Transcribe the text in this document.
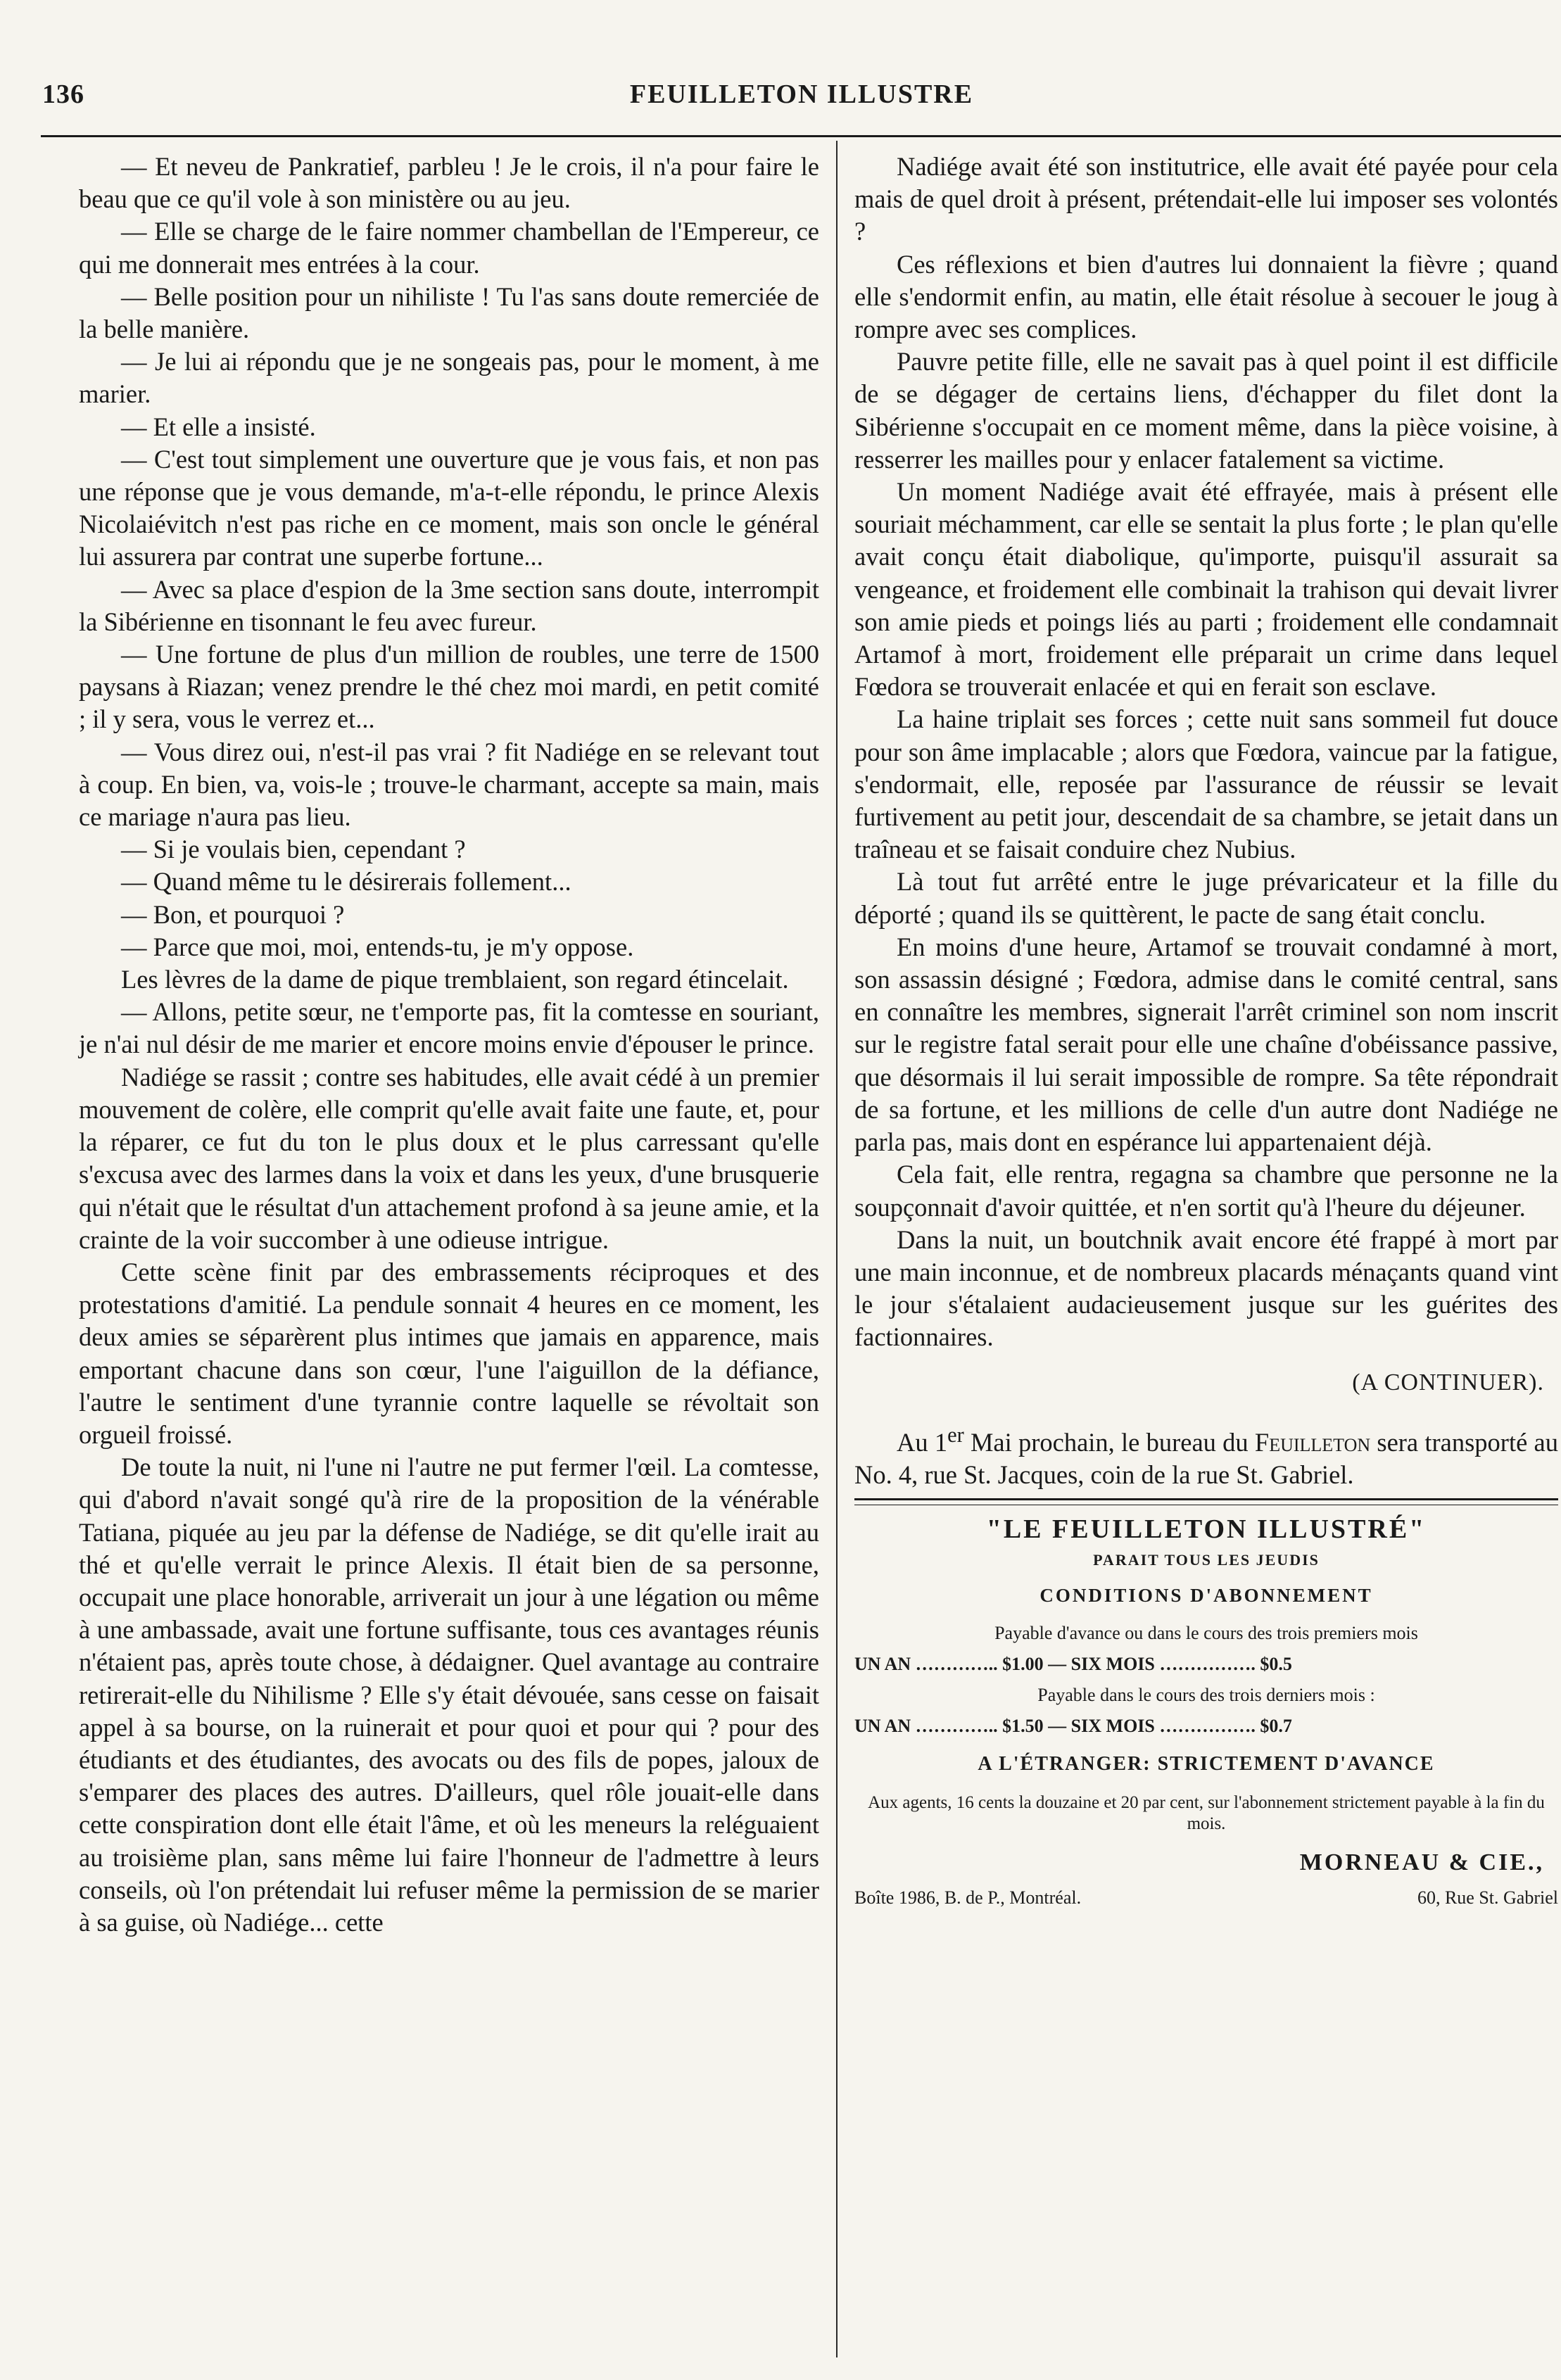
136	FEUILLETON ILLUSTRE

— Et neveu de Pankratief, parbleu ! Je le crois, il n'a pour faire le beau que ce qu'il vole à son ministère ou au jeu.

— Elle se charge de le faire nommer chambellan de l'Empereur, ce qui me donnerait mes entrées à la cour.

— Belle position pour un nihiliste ! Tu l'as sans doute remerciée de la belle manière.

— Je lui ai répondu que je ne songeais pas, pour le moment, à me marier.

— Et elle a insisté.

— C'est tout simplement une ouverture que je vous fais, et non pas une réponse que je vous demande, m'a-t-elle répondu, le prince Alexis Nicolaiévitch n'est pas riche en ce moment, mais son oncle le général lui assurera par contrat une superbe fortune...

— Avec sa place d'espion de la 3me section sans doute, interrompit la Sibérienne en tisonnant le feu avec fureur.

— Une fortune de plus d'un million de roubles, une terre de 1500 paysans à Riazan; venez prendre le thé chez moi mardi, en petit comité ; il y sera, vous le verrez et...

— Vous direz oui, n'est-il pas vrai ? fit Nadiége en se relevant tout à coup. En bien, va, vois-le ; trouve-le charmant, accepte sa main, mais ce mariage n'aura pas lieu.

— Si je voulais bien, cependant ?

— Quand même tu le désirerais follement...

— Bon, et pourquoi ?

— Parce que moi, moi, entends-tu, je m'y oppose.

Les lèvres de la dame de pique tremblaient, son regard étincelait.

— Allons, petite sœur, ne t'emporte pas, fit la comtesse en souriant, je n'ai nul désir de me marier et encore moins envie d'épouser le prince.

Nadiége se rassit ; contre ses habitudes, elle avait cédé à un premier mouvement de colère, elle comprit qu'elle avait faite une faute, et, pour la réparer, ce fut du ton le plus doux et le plus carressant qu'elle s'excusa avec des larmes dans la voix et dans les yeux, d'une brusquerie qui n'était que le résultat d'un attachement profond à sa jeune amie, et la crainte de la voir succomber à une odieuse intrigue.

Cette scène finit par des embrassements réciproques et des protestations d'amitié. La pendule sonnait 4 heures en ce moment, les deux amies se séparèrent plus intimes que jamais en apparence, mais emportant chacune dans son cœur, l'une l'aiguillon de la défiance, l'autre le sentiment d'une tyrannie contre laquelle se révoltait son orgueil froissé.

De toute la nuit, ni l'une ni l'autre ne put fermer l'œil. La comtesse, qui d'abord n'avait songé qu'à rire de la proposition de la vénérable Tatiana, piquée au jeu par la défense de Nadiége, se dit qu'elle irait au thé et qu'elle verrait le prince Alexis. Il était bien de sa personne, occupait une place honorable, arriverait un jour à une légation ou même à une ambassade, avait une fortune suffisante, tous ces avantages réunis n'étaient pas, après toute chose, à dédaigner. Quel avantage au contraire retirerait-elle du Nihilisme ? Elle s'y était dévouée, sans cesse on faisait appel à sa bourse, on la ruinerait et pour quoi et pour qui ? pour des étudiants et des étudiantes, des avocats ou des fils de popes, jaloux de s'emparer des places des autres. D'ailleurs, quel rôle jouait-elle dans cette conspiration dont elle était l'âme, et où les meneurs la reléguaient au troisième plan, sans même lui faire l'honneur de l'admettre à leurs conseils, où l'on prétendait lui refuser même la permission de se marier à sa guise, où Nadiége... cette

Nadiége avait été son institutrice, elle avait été payée pour cela mais de quel droit à présent, prétendait-elle lui imposer ses volontés ?

Ces réflexions et bien d'autres lui donnaient la fièvre ; quand elle s'endormit enfin, au matin, elle était résolue à secouer le joug à rompre avec ses complices.

Pauvre petite fille, elle ne savait pas à quel point il est difficile de se dégager de certains liens, d'échapper du filet dont la Sibérienne s'occupait en ce moment même, dans la pièce voisine, à resserrer les mailles pour y enlacer fatalement sa victime.

Un moment Nadiége avait été effrayée, mais à présent elle souriait méchamment, car elle se sentait la plus forte ; le plan qu'elle avait conçu était diabolique, qu'importe, puisqu'il assurait sa vengeance, et froidement elle combinait la trahison qui devait livrer son amie pieds et poings liés au parti ; froidement elle condamnait Artamof à mort, froidement elle préparait un crime dans lequel Fœdora se trouverait enlacée et qui en ferait son esclave.

La haine triplait ses forces ; cette nuit sans sommeil fut douce pour son âme implacable ; alors que Fœdora, vaincue par la fatigue, s'endormait, elle, reposée par l'assurance de réussir se levait furtivement au petit jour, descendait de sa chambre, se jetait dans un traîneau et se faisait conduire chez Nubius.

Là tout fut arrêté entre le juge prévaricateur et la fille du déporté ; quand ils se quittèrent, le pacte de sang était conclu.

En moins d'une heure, Artamof se trouvait condamné à mort, son assassin désigné ; Fœdora, admise dans le comité central, sans en connaître les membres, signerait l'arrêt criminel son nom inscrit sur le registre fatal serait pour elle une chaîne d'obéissance passive, que désormais il lui serait impossible de rompre. Sa tête répondrait de sa fortune, et les millions de celle d'un autre dont Nadiége ne parla pas, mais dont en espérance lui appartenaient déjà.

Cela fait, elle rentra, regagna sa chambre que personne ne la soupçonnait d'avoir quittée, et n'en sortit qu'à l'heure du déjeuner.

Dans la nuit, un boutchnik avait encore été frappé à mort par une main inconnue, et de nombreux placards ménaçants quand vint le jour s'étalaient audacieusement jusque sur les guérites des factionnaires.

(A CONTINUER).

Au 1er Mai prochain, le bureau du Feuilleton sera transporté au No. 4, rue St. Jacques, coin de la rue St. Gabriel.

"LE FEUILLETON ILLUSTRÉ"
PARAIT TOUS LES JEUDIS
CONDITIONS D'ABONNEMENT
Payable d'avance ou dans le cours des trois premiers mois
UN AN ………….. $1.00 — SIX MOIS ……………. $0.5
Payable dans le cours des trois derniers mois :
UN AN ………….. $1.50 — SIX MOIS ……………. $0.7
A L'ÉTRANGER: STRICTEMENT D'AVANCE
Aux agents, 16 cents la douzaine et 20 par cent, sur l'abonnement strictement payable à la fin du mois.
MORNEAU & CIE.,
Boîte 1986, B. de P., Montréal.	60, Rue St. Gabriel
